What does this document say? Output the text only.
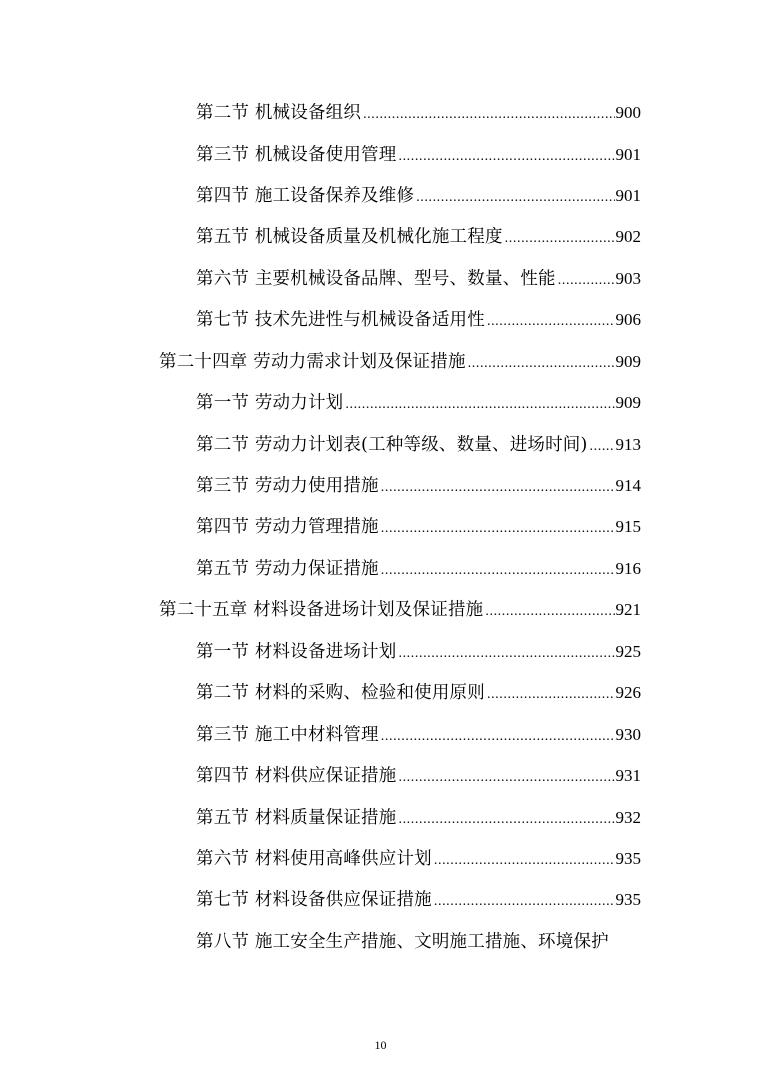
第二节 机械设备组织 .....	900
第三节 机械设备使用管理 .....	901
第四节 施工设备保养及维修 .....	901
第五节 机械设备质量及机械化施工程度 .....	902
第六节 主要机械设备品牌、型号、数量、性能 .....	903
第七节 技术先进性与机械设备适用性 .....	906
第二十四章 劳动力需求计划及保证措施 .....	909
第一节 劳动力计划 .....	909
第二节 劳动力计划表(工种等级、数量、进场时间) ..... 913
第三节 劳动力使用措施 .....	914
第四节 劳动力管理措施 .....	915
第五节 劳动力保证措施 .....	916
第二十五章 材料设备进场计划及保证措施 .....	921
第一节 材料设备进场计划 .....	925
第二节 材料的采购、检验和使用原则 .....	926
第三节 施工中材料管理 .....	930
第四节 材料供应保证措施 .....	931
第五节 材料质量保证措施 .....	932
第六节 材料使用高峰供应计划 .....	935
第七节 材料设备供应保证措施 .....	935
第八节 施工安全生产措施、文明施工措施、环境保护
10
